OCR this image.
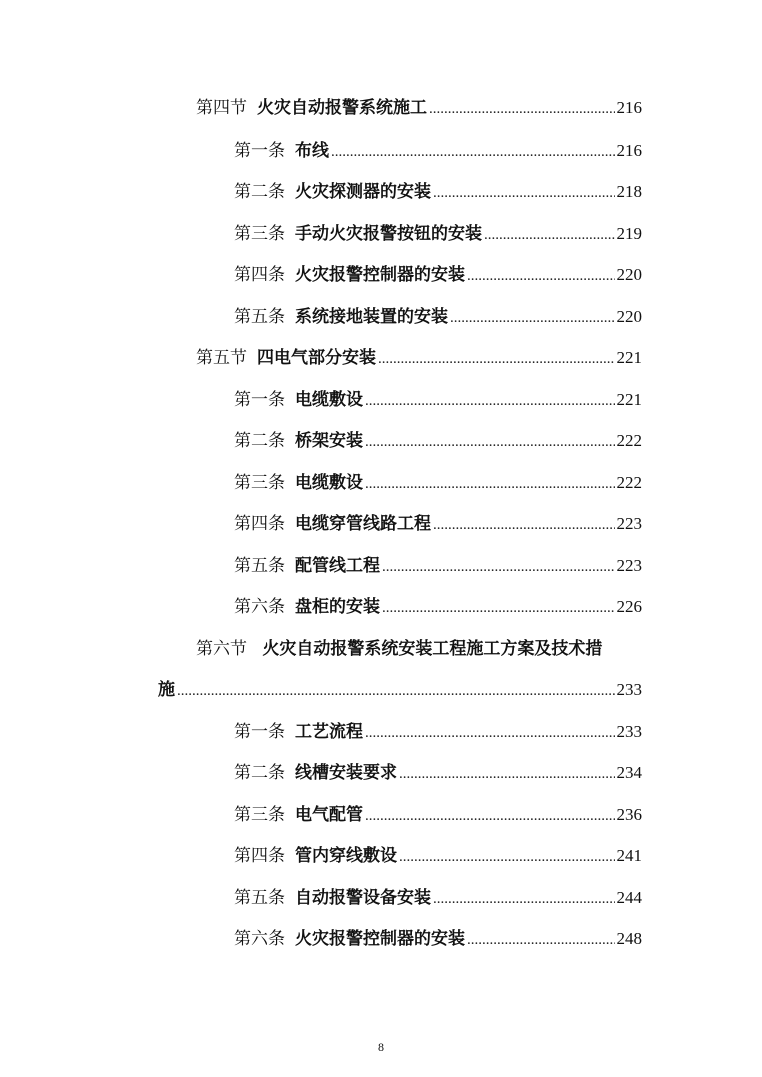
第四节 火灾自动报警系统施工 .....	216
第一条 布线 .....	216
第二条 火灾探测器的安装 .....	218
第三条 手动火灾报警按钮的安装 .....	219
第四条 火灾报警控制器的安装 .....	220
第五条 系统接地装置的安装 .....	220
第五节 四电气部分安装 .....	221
第一条 电缆敷设 .....	221
第二条 桥架安装 .....	222
第三条 电缆敷设 .....	222
第四条 电缆穿管线路工程 .....	223
第五条 配管线工程 .....	223
第六条 盘柜的安装 .....	226
第六节 火灾自动报警系统安装工程施工方案及技术措
施 .....	233
第一条 工艺流程 .....	233
第二条 线槽安装要求 .....	234
第三条 电气配管 .....	236
第四条 管内穿线敷设 .....	241
第五条 自动报警设备安装 .....	244
第六条 火灾报警控制器的安装 .....	248
8
